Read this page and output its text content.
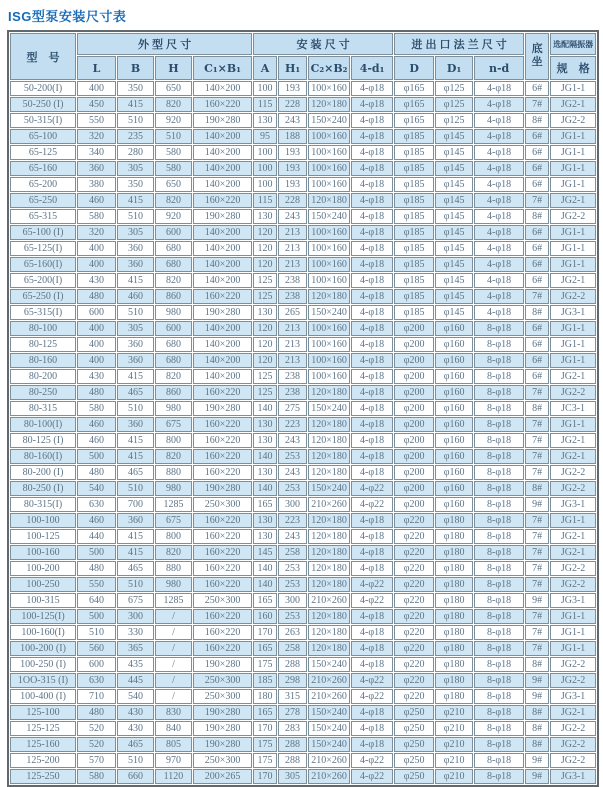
ISG型泵安装尺寸表
型　号	外 型 尺 寸				安 装 尺 寸				进 出 口 法 兰 尺 寸			底坐	选配隔振器
	L	B	H	C₁×B₁	A	H₁	C₂×B₂	4-d₁	D	D₁	n-d		规　格
50-200(I)	400	350	650	140×200	100	193	100×160	4-φ18	φ165	φ125	4-φ18	6#	JG1-1
50-250 (I)	450	415	820	160×220	115	228	120×180	4-φ18	φ165	φ125	4-φ18	7#	JG2-1
50-315(I)	550	510	920	190×280	130	243	150×240	4-φ18	φ165	φ125	4-φ18	8#	JG2-2
65-100	320	235	510	140×200	95	188	100×160	4-φ18	φ185	φ145	4-φ18	6#	JG1-1
65-125	340	280	580	140×200	100	193	100×160	4-φ18	φ185	φ145	4-φ18	6#	JG1-1
65-160	360	305	580	140×200	100	193	100×160	4-φ18	φ185	φ145	4-φ18	6#	JG1-1
65-200	380	350	650	140×200	100	193	100×160	4-φ18	φ185	φ145	4-φ18	6#	JG1-1
65-250	460	415	820	160×220	115	228	120×180	4-φ18	φ185	φ145	4-φ18	7#	JG2-1
65-315	580	510	920	190×280	130	243	150×240	4-φ18	φ185	φ145	4-φ18	8#	JG2-2
65-100 (I)	320	305	600	140×200	120	213	100×160	4-φ18	φ185	φ145	4-φ18	6#	JG1-1
65-125(I)	400	360	680	140×200	120	213	100×160	4-φ18	φ185	φ145	4-φ18	6#	JG1-1
65-160(I)	400	360	680	140×200	120	213	100×160	4-φ18	φ185	φ145	4-φ18	6#	JG1-1
65-200(I)	430	415	820	140×200	125	238	100×160	4-φ18	φ185	φ145	4-φ18	6#	JG2-1
65-250 (I)	480	460	860	160×220	125	238	120×180	4-φ18	φ185	φ145	4-φ18	7#	JG2-2
65-315(I)	600	510	980	190×280	130	265	150×240	4-φ18	φ185	φ145	4-φ18	8#	JG3-1
80-100	400	305	600	140×200	120	213	100×160	4-φ18	φ200	φ160	8-φ18	6#	JG1-1
80-125	400	360	680	140×200	120	213	100×160	4-φ18	φ200	φ160	8-φ18	6#	JG1-1
80-160	400	360	680	140×200	120	213	100×160	4-φ18	φ200	φ160	8-φ18	6#	JG1-1
80-200	430	415	820	140×200	125	238	100×160	4-φ18	φ200	φ160	8-φ18	6#	JG2-1
80-250	480	465	860	160×220	125	238	120×180	4-φ18	φ200	φ160	8-φ18	7#	JG2-2
80-315	580	510	980	190×280	140	275	150×240	4-φ18	φ200	φ160	8-φ18	8#	JC3-1
80-100(I)	460	360	675	160×220	130	223	120×180	4-φ18	φ200	φ160	8-φ18	7#	JG1-1
80-125 (I)	460	415	800	160×220	130	243	120×180	4-φ18	φ200	φ160	8-φ18	7#	JG2-1
80-160(I)	500	415	820	160×220	140	253	120×180	4-φ18	φ200	φ160	8-φ18	7#	JG2-1
80-200 (I)	480	465	880	160×220	130	243	120×180	4-φ18	φ200	φ160	8-φ18	7#	JG2-2
80-250 (I)	540	510	980	190×280	140	253	150×240	4-φ22	φ200	φ160	8-φ18	8#	JG2-2
80-315(I)	630	700	1285	250×300	165	300	210×260	4-φ22	φ200	φ160	8-φ18	9#	JG3-1
100-100	460	360	675	160×220	130	223	120×180	4-φ18	φ220	φ180	8-φ18	7#	JG1-1
100-125	440	415	800	160×220	130	243	120×180	4-φ18	φ220	φ180	8-φ18	7#	JG2-1
100-160	500	415	820	160×220	145	258	120×180	4-φ18	φ220	φ180	8-φ18	7#	JG2-1
100-200	480	465	880	160×220	140	253	120×180	4-φ18	φ220	φ180	8-φ18	7#	JG2-2
100-250	550	510	980	160×220	140	253	120×180	4-φ22	φ220	φ180	8-φ18	7#	JG2-2
100-315	640	675	1285	250×300	165	300	210×260	4-φ22	φ220	φ180	8-φ18	9#	JG3-1
100-125(I)	500	300	/	160×220	160	253	120×180	4-φ18	φ220	φ180	8-φ18	7#	JG1-1
100-160(I)	510	330	/	160×220	170	263	120×180	4-φ18	φ220	φ180	8-φ18	7#	JG1-1
100-200 (I)	560	365	/	160×220	165	258	120×180	4-φ18	φ220	φ180	8-φ18	7#	JG1-1
100-250 (I)	600	435	/	190×280	175	288	150×240	4-φ18	φ220	φ180	8-φ18	8#	JG2-2
1OO-315 (I)	630	445	/	250×300	185	298	210×260	4-φ22	φ220	φ180	8-φ18	9#	JG2-2
100-400 (I)	710	540	/	250×300	180	315	210×260	4-φ22	φ220	φ180	8-φ18	9#	JG3-1
125-100	480	430	830	190×280	165	278	150×240	4-φ18	φ250	φ210	8-φ18	8#	JG2-1
125-125	520	430	840	190×280	170	283	150×240	4-φ18	φ250	φ210	8-φ18	8#	JG2-2
125-160	520	465	805	190×280	175	288	150×240	4-φ18	φ250	φ210	8-φ18	8#	JG2-2
125-200	570	510	970	250×300	175	288	210×260	4-φ22	φ250	φ210	8-φ18	9#	JG2-2
125-250	580	660	1120	200×265	170	305	210×260	4-φ22	φ250	φ210	8-φ18	9#	JG3-1
